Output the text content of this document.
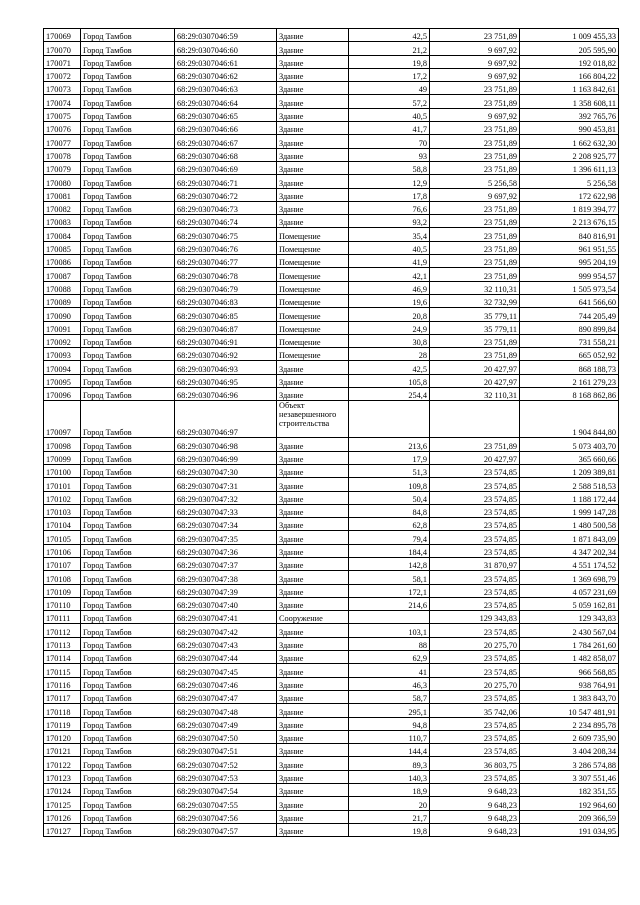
170069	Город Тамбов	68:29:0307046:59	Здание	42,5	23 751,89	1 009 455,33
170070	Город Тамбов	68:29:0307046:60	Здание	21,2	9 697,92	205 595,90
170071	Город Тамбов	68:29:0307046:61	Здание	19,8	9 697,92	192 018,82
170072	Город Тамбов	68:29:0307046:62	Здание	17,2	9 697,92	166 804,22
170073	Город Тамбов	68:29:0307046:63	Здание	49	23 751,89	1 163 842,61
170074	Город Тамбов	68:29:0307046:64	Здание	57,2	23 751,89	1 358 608,11
170075	Город Тамбов	68:29:0307046:65	Здание	40,5	9 697,92	392 765,76
170076	Город Тамбов	68:29:0307046:66	Здание	41,7	23 751,89	990 453,81
170077	Город Тамбов	68:29:0307046:67	Здание	70	23 751,89	1 662 632,30
170078	Город Тамбов	68:29:0307046:68	Здание	93	23 751,89	2 208 925,77
170079	Город Тамбов	68:29:0307046:69	Здание	58,8	23 751,89	1 396 611,13
170080	Город Тамбов	68:29:0307046:71	Здание	12,9	5 256,58	5 256,58
170081	Город Тамбов	68:29:0307046:72	Здание	17,8	9 697,92	172 622,98
170082	Город Тамбов	68:29:0307046:73	Здание	76,6	23 751,89	1 819 394,77
170083	Город Тамбов	68:29:0307046:74	Здание	93,2	23 751,89	2 213 676,15
170084	Город Тамбов	68:29:0307046:75	Помещение	35,4	23 751,89	840 816,91
170085	Город Тамбов	68:29:0307046:76	Помещение	40,5	23 751,89	961 951,55
170086	Город Тамбов	68:29:0307046:77	Помещение	41,9	23 751,89	995 204,19
170087	Город Тамбов	68:29:0307046:78	Помещение	42,1	23 751,89	999 954,57
170088	Город Тамбов	68:29:0307046:79	Помещение	46,9	32 110,31	1 505 973,54
170089	Город Тамбов	68:29:0307046:83	Помещение	19,6	32 732,99	641 566,60
170090	Город Тамбов	68:29:0307046:85	Помещение	20,8	35 779,11	744 205,49
170091	Город Тамбов	68:29:0307046:87	Помещение	24,9	35 779,11	890 899,84
170092	Город Тамбов	68:29:0307046:91	Помещение	30,8	23 751,89	731 558,21
170093	Город Тамбов	68:29:0307046:92	Помещение	28	23 751,89	665 052,92
170094	Город Тамбов	68:29:0307046:93	Здание	42,5	20 427,97	868 188,73
170095	Город Тамбов	68:29:0307046:95	Здание	105,8	20 427,97	2 161 279,23
170096	Город Тамбов	68:29:0307046:96	Здание	254,4	32 110,31	8 168 862,86
170097	Город Тамбов	68:29:0307046:97	Объект незавершенного строительства			1 904 844,80
170098	Город Тамбов	68:29:0307046:98	Здание	213,6	23 751,89	5 073 403,70
170099	Город Тамбов	68:29:0307046:99	Здание	17,9	20 427,97	365 660,66
170100	Город Тамбов	68:29:0307047:30	Здание	51,3	23 574,85	1 209 389,81
170101	Город Тамбов	68:29:0307047:31	Здание	109,8	23 574,85	2 588 518,53
170102	Город Тамбов	68:29:0307047:32	Здание	50,4	23 574,85	1 188 172,44
170103	Город Тамбов	68:29:0307047:33	Здание	84,8	23 574,85	1 999 147,28
170104	Город Тамбов	68:29:0307047:34	Здание	62,8	23 574,85	1 480 500,58
170105	Город Тамбов	68:29:0307047:35	Здание	79,4	23 574,85	1 871 843,09
170106	Город Тамбов	68:29:0307047:36	Здание	184,4	23 574,85	4 347 202,34
170107	Город Тамбов	68:29:0307047:37	Здание	142,8	31 870,97	4 551 174,52
170108	Город Тамбов	68:29:0307047:38	Здание	58,1	23 574,85	1 369 698,79
170109	Город Тамбов	68:29:0307047:39	Здание	172,1	23 574,85	4 057 231,69
170110	Город Тамбов	68:29:0307047:40	Здание	214,6	23 574,85	5 059 162,81
170111	Город Тамбов	68:29:0307047:41	Сооружение		129 343,83	129 343,83
170112	Город Тамбов	68:29:0307047:42	Здание	103,1	23 574,85	2 430 567,04
170113	Город Тамбов	68:29:0307047:43	Здание	88	20 275,70	1 784 261,60
170114	Город Тамбов	68:29:0307047:44	Здание	62,9	23 574,85	1 482 858,07
170115	Город Тамбов	68:29:0307047:45	Здание	41	23 574,85	966 568,85
170116	Город Тамбов	68:29:0307047:46	Здание	46,3	20 275,70	938 764,91
170117	Город Тамбов	68:29:0307047:47	Здание	58,7	23 574,85	1 383 843,70
170118	Город Тамбов	68:29:0307047:48	Здание	295,1	35 742,06	10 547 481,91
170119	Город Тамбов	68:29:0307047:49	Здание	94,8	23 574,85	2 234 895,78
170120	Город Тамбов	68:29:0307047:50	Здание	110,7	23 574,85	2 609 735,90
170121	Город Тамбов	68:29:0307047:51	Здание	144,4	23 574,85	3 404 208,34
170122	Город Тамбов	68:29:0307047:52	Здание	89,3	36 803,75	3 286 574,88
170123	Город Тамбов	68:29:0307047:53	Здание	140,3	23 574,85	3 307 551,46
170124	Город Тамбов	68:29:0307047:54	Здание	18,9	9 648,23	182 351,55
170125	Город Тамбов	68:29:0307047:55	Здание	20	9 648,23	192 964,60
170126	Город Тамбов	68:29:0307047:56	Здание	21,7	9 648,23	209 366,59
170127	Город Тамбов	68:29:0307047:57	Здание	19,8	9 648,23	191 034,95
